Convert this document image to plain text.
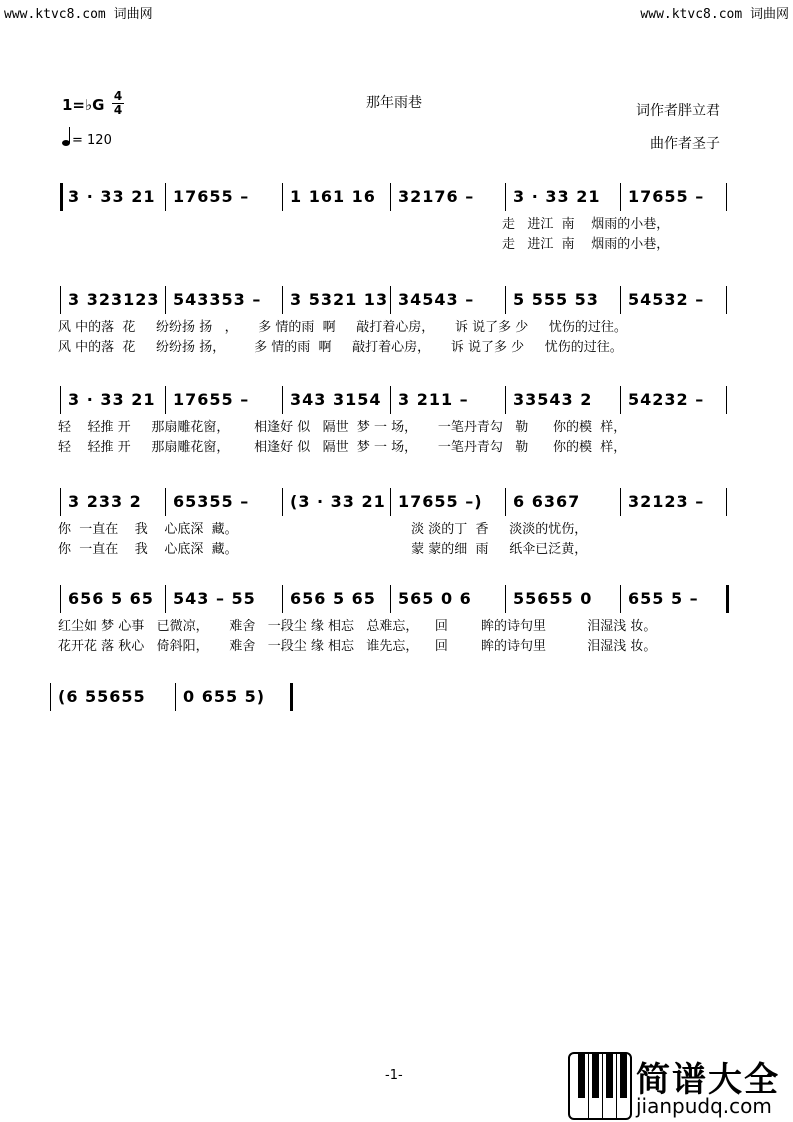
www.ktvc8.com 词曲网	www.ktvc8.com 词曲网
1=♭G 4
4
= 120
那年雨巷	词作者胖立君
曲作者圣子
3 · 33 21 17655 –	1 161 16 32176 – 3 · 33 21 17655 –
走   进江  南    烟雨的小巷，
走   进江  南    烟雨的小巷，
3 323123 543353 – 3 5321 13 34543 – 5 555 53 54532 –
风 中的落  花     纷纷扬 扬   ，     多 情的雨  啊     敲打着心房，     诉 说了多 少     忧伤的过往。
风 中的落  花     纷纷扬 扬，       多 情的雨  啊     敲打着心房，     诉 说了多 少     忧伤的过往。
3 · 33 21 17655 –	343 3154 3 211 –	33543 2 54232 –
轻    轻推 开     那扇雕花窗，      相逢好 似   隔世  梦 一 场，     一笔丹青勾   勒      你的模  样，
轻    轻推 开     那扇雕花窗，      相逢好 似   隔世  梦 一 场，     一笔丹青勾   勒      你的模  样，
3 233 2 65355 –	(3 · 33 21 17655 –) 6 6367	32123 –
你  一直在    我    心底深  藏。                                          淡 淡的丁  香     淡淡的忧伤，
你  一直在    我    心底深  藏。                                          蒙 蒙的细  雨     纸伞已泛黄，
656 5 65 543 – 55 656 5 65 565 0 6	55655 0 655 5 –
红尘如 梦 心事   已微凉，     难舍   一段尘 缘 相忘   总难忘，    回        眸的诗句里          泪湿浅 妆。
花开花 落 秋心   倚斜阳，     难舍   一段尘 缘 相忘   谁先忘，    回        眸的诗句里          泪湿浅 妆。
(6 55655 0 655 5)
-1-	简谱大全
jianpudq.com
